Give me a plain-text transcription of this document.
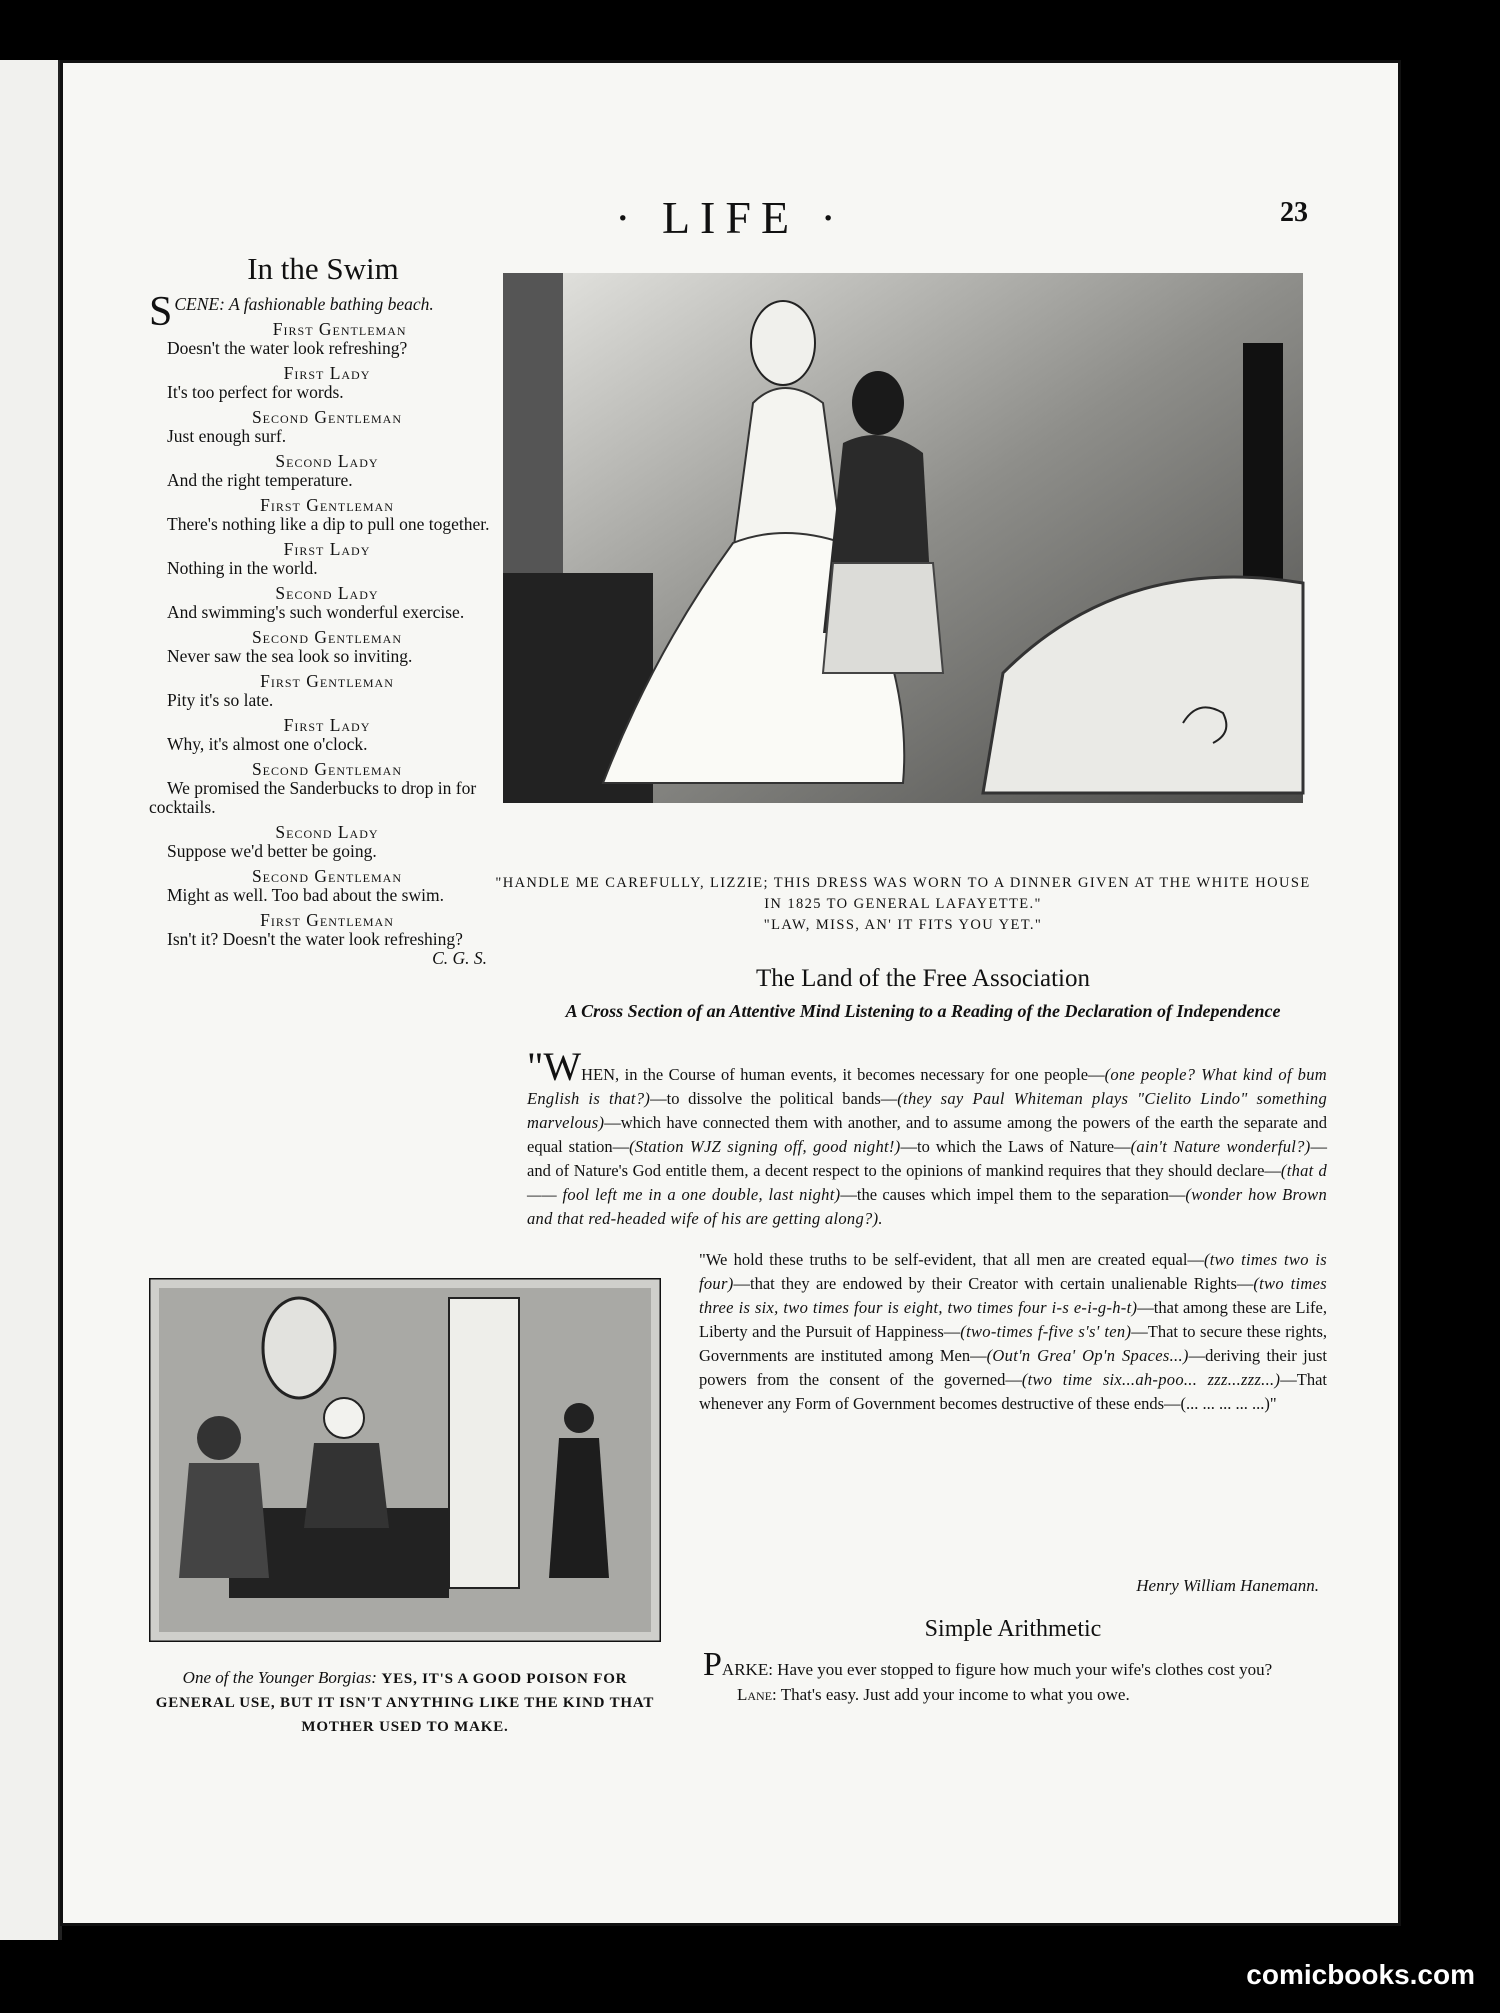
· LIFE ·	23
In the Swim
SCENE: A fashionable bathing beach.
First Gentleman
Doesn't the water look refreshing?
First Lady
It's too perfect for words.
Second Gentleman
Just enough surf.
Second Lady
And the right temperature.
First Gentleman
There's nothing like a dip to pull one together.
First Lady
Nothing in the world.
Second Lady
And swimming's such wonderful exercise.
Second Gentleman
Never saw the sea look so inviting.
First Gentleman
Pity it's so late.
First Lady
Why, it's almost one o'clock.
Second Gentleman
We promised the Sanderbucks to drop in for cocktails.
Second Lady
Suppose we'd better be going.
Second Gentleman
Might as well. Too bad about the swim.
First Gentleman
Isn't it? Doesn't the water look refreshing?
C. G. S.
"HANDLE ME CAREFULLY, LIZZIE; THIS DRESS WAS WORN TO A DINNER GIVEN AT THE WHITE HOUSE IN 1825 TO GENERAL LAFAYETTE."
"LAW, MISS, AN' IT FITS YOU YET."
The Land of the Free Association
A Cross Section of an Attentive Mind Listening to a Reading of the Declaration of Independence
"WHEN, in the Course of human events, it becomes necessary for one people—(one people? What kind of bum English is that?)—to dissolve the political bands—(they say Paul Whiteman plays "Cielito Lindo" something marvelous)—which have connected them with another, and to assume among the powers of the earth the separate and equal station—(Station WJZ signing off, good night!)—to which the Laws of Nature—(ain't Nature wonderful?)—and of Nature's God entitle them, a decent respect to the opinions of mankind requires that they should declare—(that d—— fool left me in a one double, last night)—the causes which impel them to the separation—(wonder how Brown and that red-headed wife of his are getting along?).
"We hold these truths to be self-evident, that all men are created equal—(two times two is four)—that they are endowed by their Creator with certain unalienable Rights—(two times three is six, two times four is eight, two times four i-s e-i-g-h-t)—that among these are Life, Liberty and the Pursuit of Happiness—(two-times f-five s's' ten)—That to secure these rights, Governments are instituted among Men—(Out'n Grea' Op'n Spaces...)—deriving their just powers from the consent of the governed—(two time six...ah-poo... zzz...zzz...)—That whenever any Form of Government becomes destructive of these ends—(... ... ... ... ...)"
Henry William Hanemann.
One of the Younger Borgias: YES, IT'S A GOOD POISON FOR GENERAL USE, BUT IT ISN'T ANYTHING LIKE THE KIND THAT MOTHER USED TO MAKE.
Simple Arithmetic
PARKE: Have you ever stopped to figure how much your wife's clothes cost you?
Lane: That's easy. Just add your income to what you owe.
comicbooks.com
